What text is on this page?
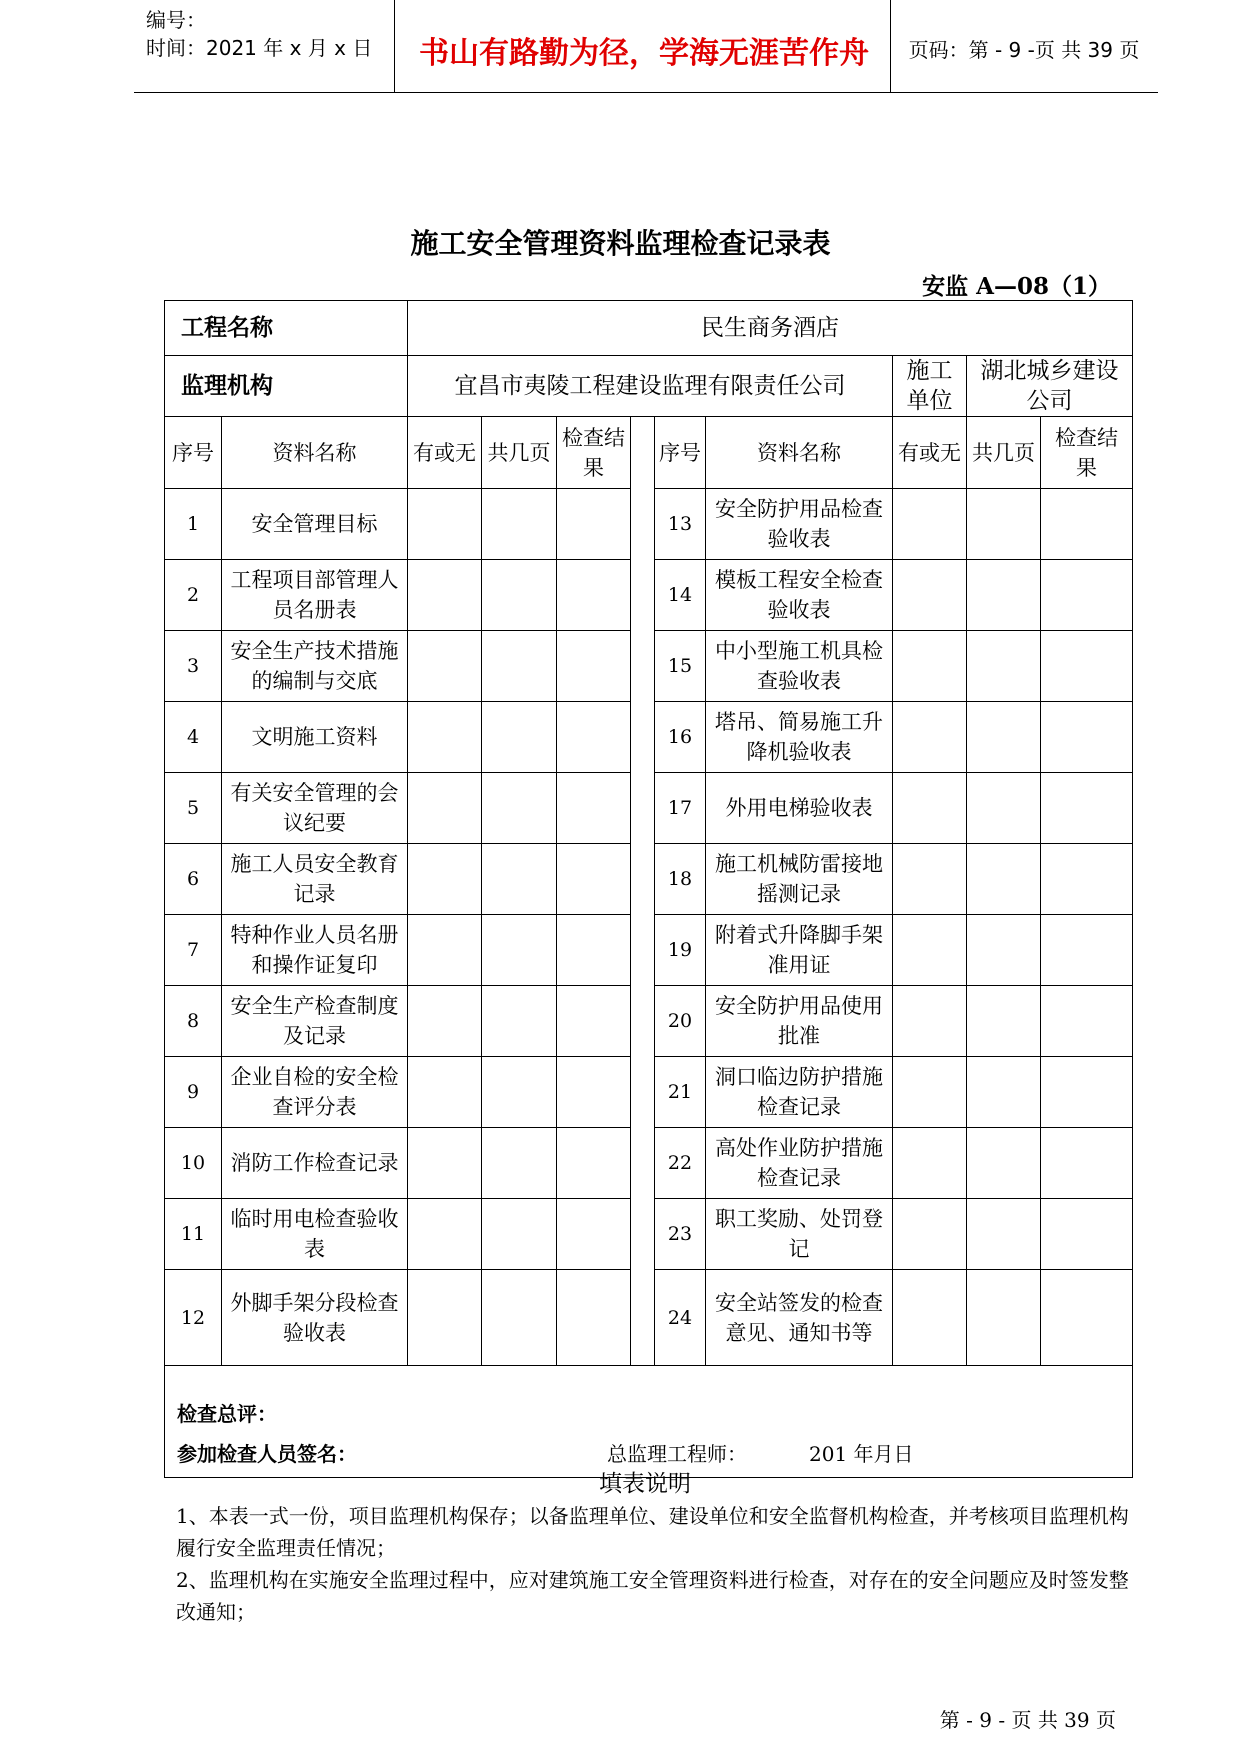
编号：
时间：2021 年 x 月 x 日	书山有路勤为径，学海无涯苦作舟	页码：第 - 9 -页 共 39 页
施工安全管理资料监理检查记录表
安监 A—08（1）
工程名称		民生商务酒店								
监理机构		宜昌市夷陵工程建设监理有限责任公司						施工单位	湖北城乡建设公司	
序号	资料名称	有或无	共几页	检查结果		序号	资料名称	有或无	共几页	检查结果
1	安全管理目标					13	安全防护用品检查验收表			
2	工程项目部管理人员名册表					14	模板工程安全检查验收表			
3	安全生产技术措施的编制与交底					15	中小型施工机具检查验收表			
4	文明施工资料					16	塔吊、简易施工升降机验收表			
5	有关安全管理的会议纪要					17	外用电梯验收表			
6	施工人员安全教育记录					18	施工机械防雷接地摇测记录			
7	特种作业人员名册和操作证复印					19	附着式升降脚手架准用证			
8	安全生产检查制度及记录					20	安全防护用品使用批准			
9	企业自检的安全检查评分表					21	洞口临边防护措施检查记录			
10	消防工作检查记录					22	高处作业防护措施检查记录			
11	临时用电检查验收表					23	职工奖励、处罚登记			
12	外脚手架分段检查验收表					24	安全站签发的检查意见、通知书等			

检查总评：
参加检查人员签名： 总监理工程师： 201 年月日										
填表说明
1、本表一式一份，项目监理机构保存；以备监理单位、建设单位和安全监督机构检查，并考核项目监理机构履行安全监理责任情况；
2、监理机构在实施安全监理过程中，应对建筑施工安全管理资料进行检查，对存在的安全问题应及时签发整改通知；
第 - 9 - 页 共 39 页
